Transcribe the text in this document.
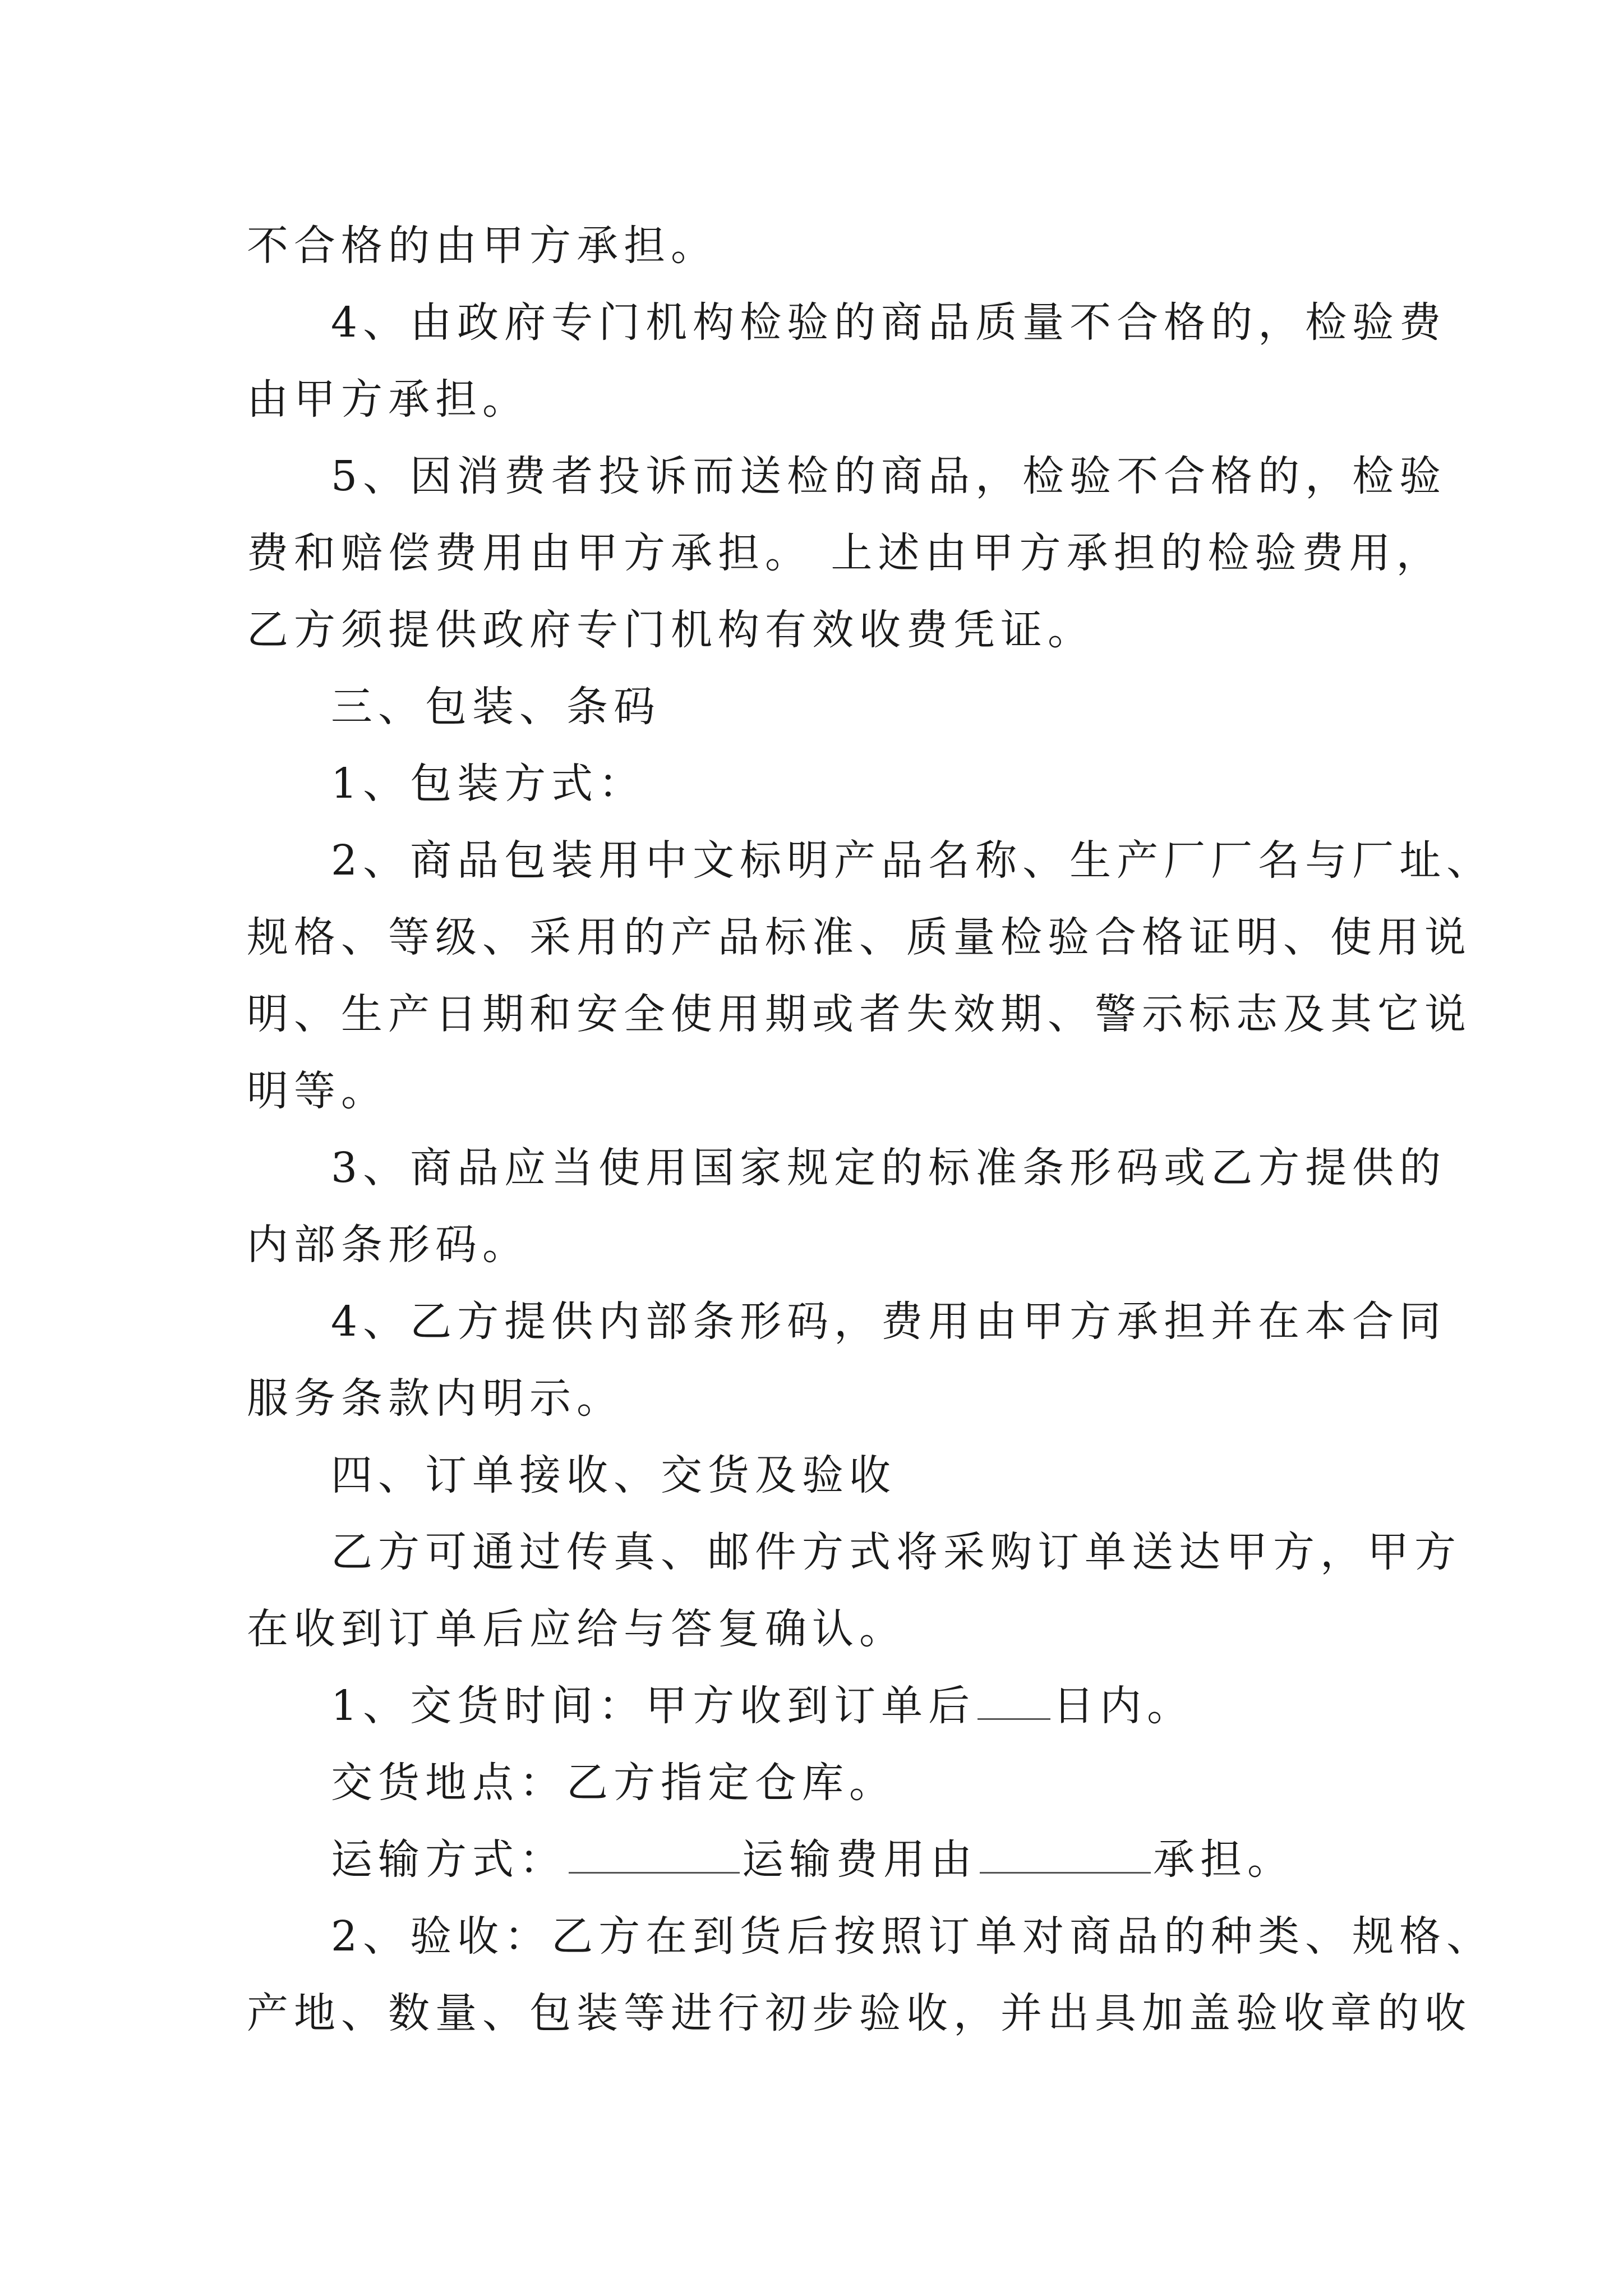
不合格的由甲方承担。
4、由政府专门机构检验的商品质量不合格的，检验费
由甲方承担。
5、因消费者投诉而送检的商品，检验不合格的，检验
费和赔偿费用由甲方承担。 上述由甲方承担的检验费用，
乙方须提供政府专门机构有效收费凭证。
三、包装、条码
1、包装方式：
2、商品包装用中文标明产品名称、生产厂厂名与厂址、
规格、等级、采用的产品标准、质量检验合格证明、使用说
明、生产日期和安全使用期或者失效期、警示标志及其它说
明等。
3、商品应当使用国家规定的标准条形码或乙方提供的
内部条形码。
4、乙方提供内部条形码，费用由甲方承担并在本合同
服务条款内明示。
四、订单接收、交货及验收
乙方可通过传真、邮件方式将采购订单送达甲方，甲方
在收到订单后应给与答复确认。
1、交货时间：甲方收到订单后 日内。
交货地点：乙方指定仓库。
运输方式：	运输费用由	承担。
2、验收：乙方在到货后按照订单对商品的种类、规格、
产地、数量、包装等进行初步验收，并出具加盖验收章的收
